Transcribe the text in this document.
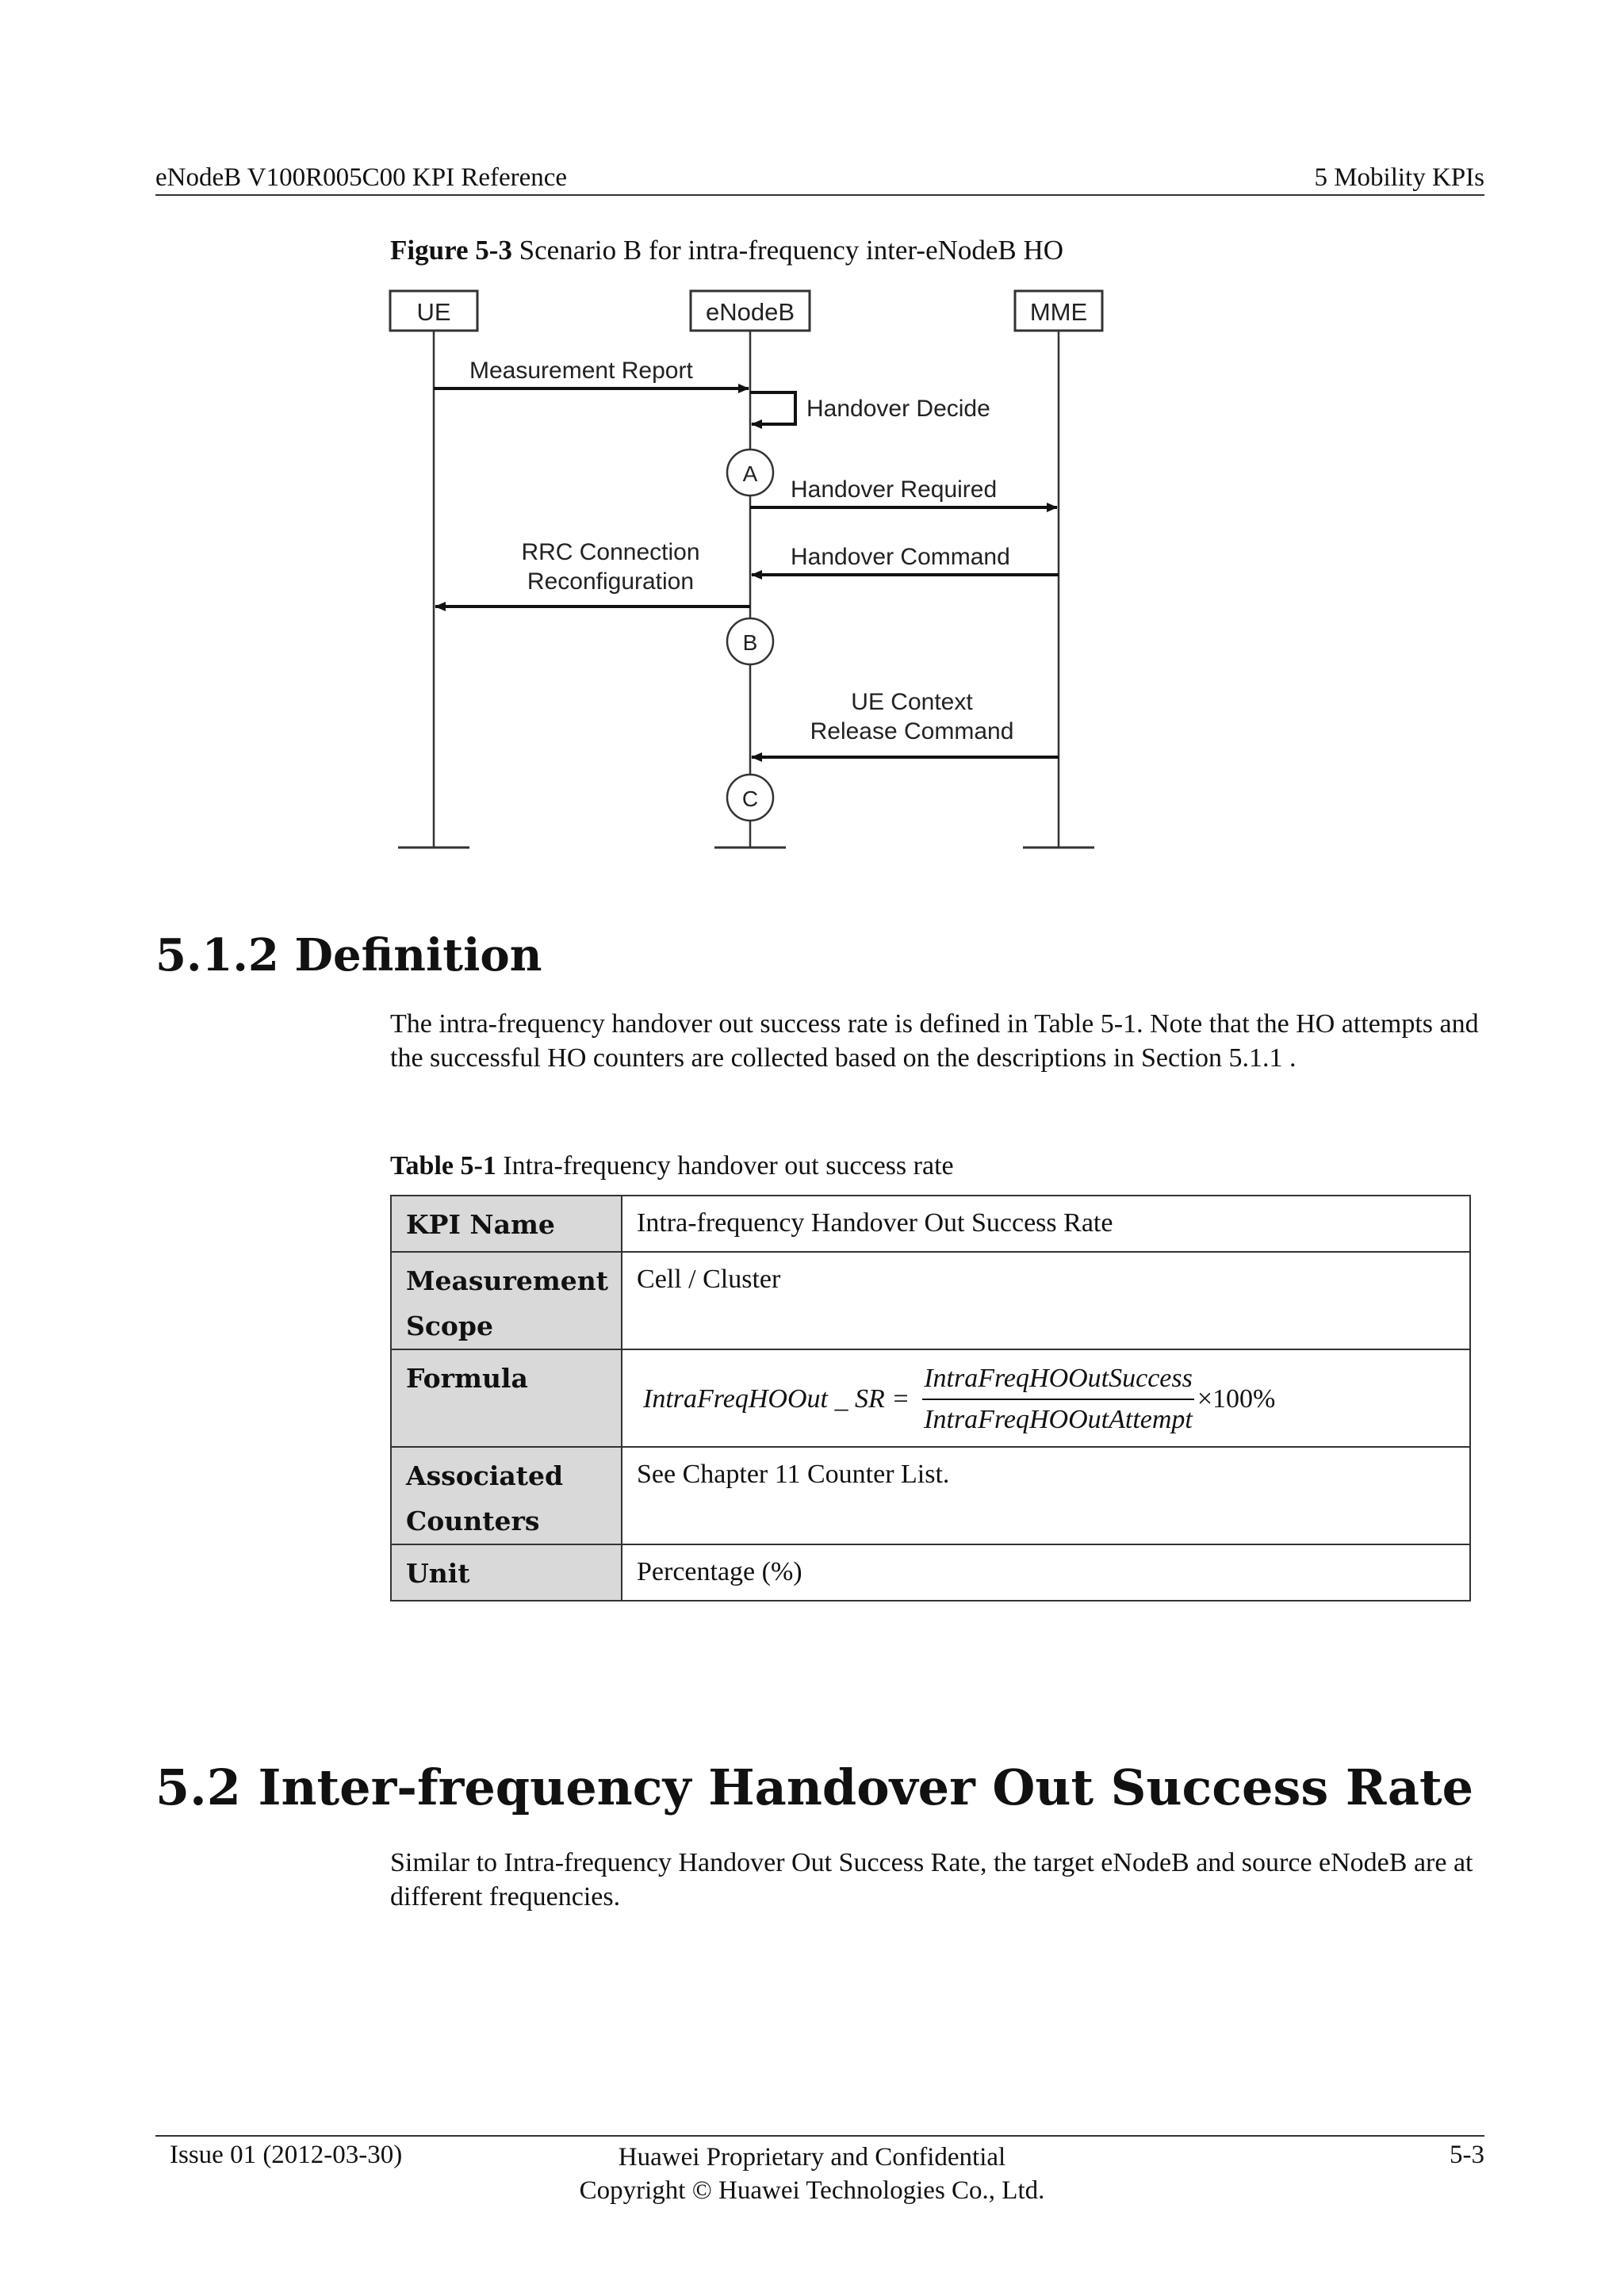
eNodeB V100R005C00 KPI Reference	5 Mobility KPIs
Figure 5-3 Scenario B for intra-frequency inter-eNodeB HO
UE	eNodeB	MME
Measurement Report
Handover Decide
A
Handover Required
Handover Command
RRC Connection
Reconfiguration
B
UE Context
Release Command
C
5.1.2 Definition
The intra-frequency handover out success rate is defined in Table 5-1. Note that the HO attempts and the successful HO counters are collected based on the descriptions in Section 5.1.1 .
Table 5-1 Intra-frequency handover out success rate
KPI Name	Intra-frequency Handover Out Success Rate
Measurement Scope	Cell / Cluster
Formula	IntraFreqHOOut _ SR = $\frac{\text{IntraFreqHOOutSuccess}}{\text{IntraFreqHOOutAttempt}} \times 100\%$

Associated Counters	See Chapter 11 Counter List.
Unit	Percentage (%)
5.2 Inter-frequency Handover Out Success Rate
Similar to Intra-frequency Handover Out Success Rate, the target eNodeB and source eNodeB are at different frequencies.
Issue 01 (2012-03-30)	Huawei Proprietary and Confidential
Copyright © Huawei Technologies Co., Ltd.
5-3
